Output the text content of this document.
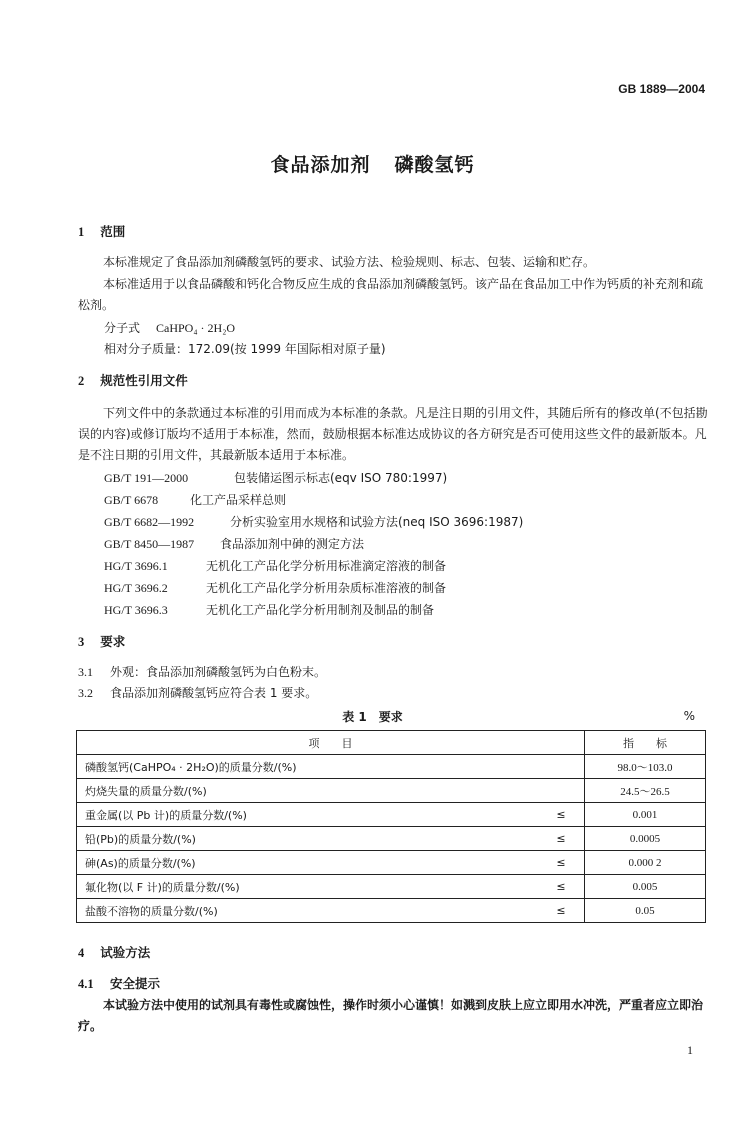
GB 1889—2004
食品添加剂 磷酸氢钙
1 范围
本标准规定了食品添加剂磷酸氢钙的要求、试验方法、检验规则、标志、包装、运输和贮存。
本标准适用于以食品磷酸和钙化合物反应生成的食品添加剂磷酸氢钙。该产品在食品加工中作为钙质的补充剂和疏松剂。
分子式 CaHPO₄ · 2H₂O
相对分子质量：172.09(按 1999 年国际相对原子量)
2 规范性引用文件
下列文件中的条款通过本标准的引用而成为本标准的条款。凡是注日期的引用文件，其随后所有的修改单(不包括勘误的内容)或修订版均不适用于本标准，然而，鼓励根据本标准达成协议的各方研究是否可使用这些文件的最新版本。凡是不注日期的引用文件，其最新版本适用于本标准。
GB/T 191—2000	包装储运图示标志(eqv ISO 780:1997)
GB/T 6678	化工产品采样总则
GB/T 6682—1992	分析实验室用水规格和试验方法(neq ISO 3696:1987)
GB/T 8450—1987 食品添加剂中砷的测定方法
HG/T 3696.1	无机化工产品化学分析用标准滴定溶液的制备
HG/T 3696.2	无机化工产品化学分析用杂质标准溶液的制备
HG/T 3696.3	无机化工产品化学分析用制剂及制品的制备
3 要求
3.1 外观：食品添加剂磷酸氢钙为白色粉末。
3.2 食品添加剂磷酸氢钙应符合表 1 要求。
表 1　要求	%
项　　目		指　　标
磷酸氢钙(CaHPO₄ · 2H₂O)的质量分数/(%)		98.0～103.0
灼烧失量的质量分数/(%)		24.5～26.5
重金属(以 Pb 计)的质量分数/(%)	≤	0.001
铅(Pb)的质量分数/(%)	≤	0.0005
砷(As)的质量分数/(%)	≤	0.000 2
氟化物(以 F 计)的质量分数/(%)	≤	0.005
盐酸不溶物的质量分数/(%)	≤	0.05
4 试验方法
4.1 安全提示
本试验方法中使用的试剂具有毒性或腐蚀性，操作时须小心谨慎！如溅到皮肤上应立即用水冲洗，严重者应立即治疗。
1
